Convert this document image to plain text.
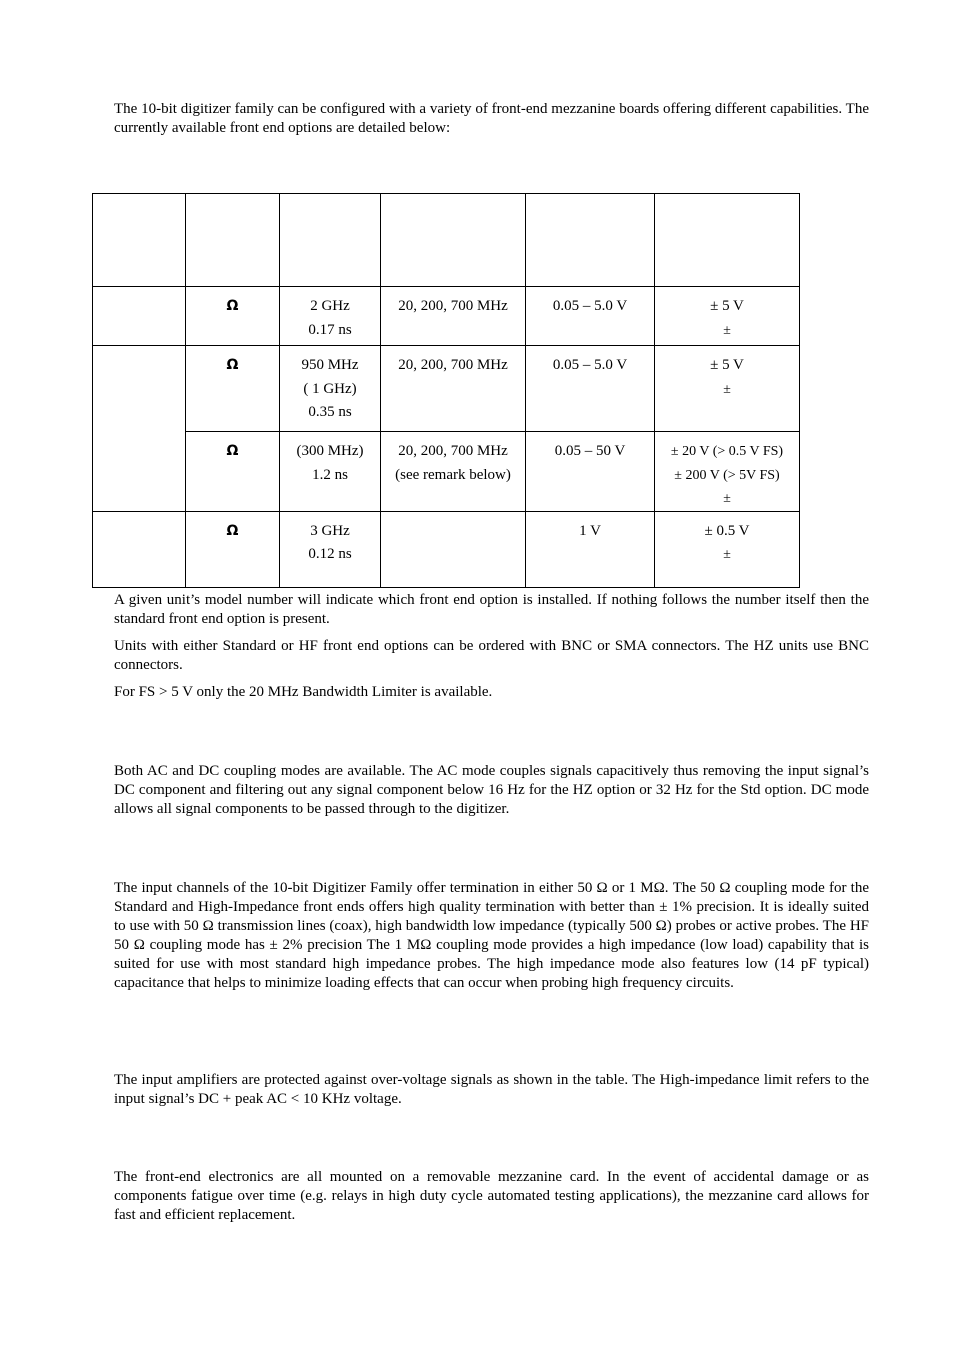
The 10-bit digitizer family can be configured with a variety of front-end mezzanine boards offering different capabilities. The currently available front end options are detailed below:

	Ω	2 GHz
0.17 ns	20, 200, 700 MHz	0.05 – 5.0 V	± 5 V
±

	Ω	950 MHz
( 1 GHz)
0.35 ns	20, 200, 700 MHz	0.05 – 5.0 V	± 5 V
±

	Ω	(300 MHz)
1.2 ns	20, 200, 700 MHz
(see remark below)	0.05 – 50 V	± 20 V (> 0.5 V FS)
± 200 V (> 5V FS)
±

	Ω	3 GHz
0.12 ns		1 V	± 0.5 V
±

A given unit’s model number will indicate which front end option is installed. If nothing follows the number itself then the standard front end option is present.

Units with either Standard or HF front end options can be ordered with BNC or SMA connectors. The HZ units use BNC connectors.

For FS > 5 V only the 20 MHz Bandwidth Limiter is available.

Both AC and DC coupling modes are available. The AC mode couples signals capacitively thus removing the input signal’s DC component and filtering out any signal component below 16 Hz for the HZ option or 32 Hz for the Std option. DC mode allows all signal components to be passed through to the digitizer.

The input channels of the 10-bit Digitizer Family offer termination in either 50 Ω or 1 MΩ. The 50 Ω coupling mode for the Standard and High-Impedance front ends offers high quality termination with better than ± 1% precision. It is ideally suited to use with 50 Ω transmission lines (coax), high bandwidth low impedance (typically 500 Ω) probes or active probes. The HF 50 Ω coupling mode has ± 2% precision The 1 MΩ coupling mode provides a high impedance (low load) capability that is suited for use with most standard high impedance probes. The high impedance mode also features low (14 pF typical) capacitance that helps to minimize loading effects that can occur when probing high frequency circuits.

The input amplifiers are protected against over-voltage signals as shown in the table. The High-impedance limit refers to the input signal’s DC + peak AC < 10 KHz voltage.

The front-end electronics are all mounted on a removable mezzanine card. In the event of accidental damage or as components fatigue over time (e.g. relays in high duty cycle automated testing applications), the mezzanine card allows for fast and efficient replacement.
